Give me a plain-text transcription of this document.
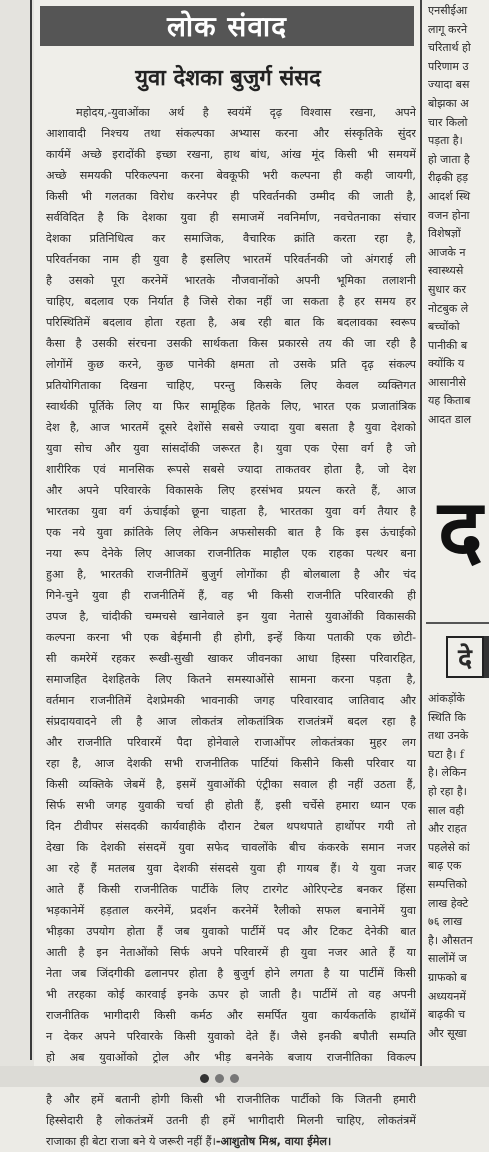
लोक संवाद
युवा देशका बुजुर्ग संसद
महोदय,-युवाओंका अर्थ है स्वयंमें दृढ़ विश्वास रखना, अपने
आशावादी निश्चय तथा संकल्पका अभ्यास करना और संस्कृतिके सुंदर
कार्यमें अच्छे इरादोंकी इच्छा रखना, हाथ बांध, आंख मूंद किसी भी समयमें
अच्छे समयकी परिकल्पना करना बेवकूफी भरी कल्पना ही कही जायगी,
किसी भी गलतका विरोध करनेपर ही परिवर्तनकी उम्मीद की जाती है,
सर्वविदित है कि देशका युवा ही समाजमें नवनिर्माण, नवचेतनाका संचार
देशका प्रतिनिधित्व कर समाजिक, वैचारिक क्रांति करता रहा है,
परिवर्तनका नाम ही युवा है इसलिए भारतमें परिवर्तनकी जो अंगराई ली
है उसको पूरा करनेमें भारतके नौजवानोंको अपनी भूमिका तलाशनी
चाहिए, बदलाव एक निर्यात है जिसे रोका नहीं जा सकता है हर समय हर
परिस्थितिमें बदलाव होता रहता है, अब रही बात कि बदलावका स्वरूप
कैसा है उसकी संरचना उसकी सार्थकता किस प्रकारसे तय की जा रही है
लोगोंमें कुछ करने, कुछ पानेकी क्षमता तो उसके प्रति दृढ़ संकल्प
प्रतियोगिताका दिखना चाहिए, परन्तु किसके लिए केवल व्यक्तिगत
स्वार्थकी पूर्तिके लिए या फिर सामूहिक हितके लिए, भारत एक प्रजातांत्रिक
देश है, आज भारतमें दूसरे देशोंसे सबसे ज्यादा युवा बसता है युवा देशको
युवा सोच और युवा सांसदोंकी जरूरत है। युवा एक ऐसा वर्ग है जो
शारीरिक एवं मानसिक रूपसे सबसे ज्यादा ताकतवर होता है, जो देश
और अपने परिवारके विकासके लिए हरसंभव प्रयत्न करते हैं, आज
भारतका युवा वर्ग ऊंचाईको छूना चाहता है, भारतका युवा वर्ग तैयार है
एक नये युवा क्रांतिके लिए लेकिन अफसोसकी बात है कि इस ऊंचाईको
नया रूप देनेके लिए आजका राजनीतिक माहौल एक राहका पत्थर बना
हुआ है, भारतकी राजनीतिमें बुजुर्ग लोगोंका ही बोलबाला है और चंद
गिने-चुने युवा ही राजनीतिमें हैं, वह भी किसी राजनीति परिवारकी ही
उपज है, चांदीकी चम्मचसे खानेवाले इन युवा नेतासे युवाओंकी विकासकी
कल्पना करना भी एक बेईमानी ही होगी, इन्हें किया पताकी एक छोटी-
सी कमरेमें रहकर रूखी-सुखी खाकर जीवनका आधा हिस्सा परिवारहित,
समाजहित देशहितके लिए कितने समस्याओंसे सामना करना पड़ता है,
वर्तमान राजनीतिमें देशप्रेमकी भावनाकी जगह परिवारवाद जातिवाद और
संप्रदायवादने ली है आज लोकतंत्र लोकतांत्रिक राजतंत्रमें बदल रहा है
और राजनीति परिवारमें पैदा होनेवाले राजाओंपर लोकतंत्रका मुहर लग
रहा है, आज देशकी सभी राजनीतिक पार्टियां किसीने किसी परिवार या
किसी व्यक्तिके जेबमें है, इसमें युवाओंकी एंट्रीका सवाल ही नहीं उठता हैं,
सिर्फ सभी जगह युवाकी चर्चा ही होती हैं, इसी चर्चेसे हमारा ध्यान एक
दिन टीवीपर संसदकी कार्यवाहीके दौरान टेबल थपथपाते हाथोंपर गयी तो
देखा कि देशकी संसदमें युवा सफेद चावलोंके बीच कंकरके समान नजर
आ रहे हैं मतलब युवा देशकी संसदसे युवा ही गायब हैं। ये युवा नजर
आते हैं किसी राजनीतिक पार्टीके लिए टारगेट ओरिएन्टेड बनकर हिंसा
भड़कानेमें हड़ताल करनेमें, प्रदर्शन करनेमें रैलीको सफल बनानेमें युवा
भीड़का उपयोग होता हैं जब युवाको पार्टीमें पद और टिकट देनेकी बात
आती है इन नेताओंको सिर्फ अपने परिवारमें ही युवा नजर आते हैं या
नेता जब जिंदगीकी ढलानपर होता है बुजुर्ग होने लगता है या पार्टीमें किसी
भी तरहका कोई कारवाई इनके ऊपर हो जाती है। पार्टीमें तो वह अपनी
राजनीतिक भागीदारी किसी कर्मठ और समर्पित युवा कार्यकर्ताके हाथोंमें
न देकर अपने परिवारके किसी युवाको देते हैं। जैसे इनकी बपौती सम्पति
हो अब युवाओंको ट्रोल और भीड़ बननेके बजाय राजनीतिका विकल्प
है और हमें बतानी होगी किसी भी राजनीतिक पार्टीको कि जितनी हमारी
हिस्सेदारी है लोकतंत्रमें उतनी ही हमें भागीदारी मिलनी चाहिए, लोकतंत्रमें
राजाका ही बेटा राजा बने ये जरूरी नहीं हैं।-आशुतोष मिश्र, वाया ईमेल।
एनसीईआ
लागू करने
चरितार्थ हो
परिणाम उ
ज्यादा बस
बोझका अ
चार किलो
पड़ता है।
हो जाता है
रीढ़की हड़
आदर्श स्थि
वजन होना
विशेषज्ञों
आजके न
स्वास्थ्यसे
सुधार कर
नोटबुक ले
बच्चोंको
पानीकी ब
क्योंकि य
आसानीसे
यह किताब
आदत डाल
आंकड़ोंके
स्थिति कि
तथा उनके
घटा है। f
है। लेकिन
हो रहा है।
साल वही
और राहत
पहलेसे कां
बाढ़ एक
सम्पत्तिको
लाख हेक्टे
७६ लाख
है। औसतन
सालोंमें ज
ग्राफको ब
अध्ययनमें
बाढ़की च
और सूखा
द
दे
